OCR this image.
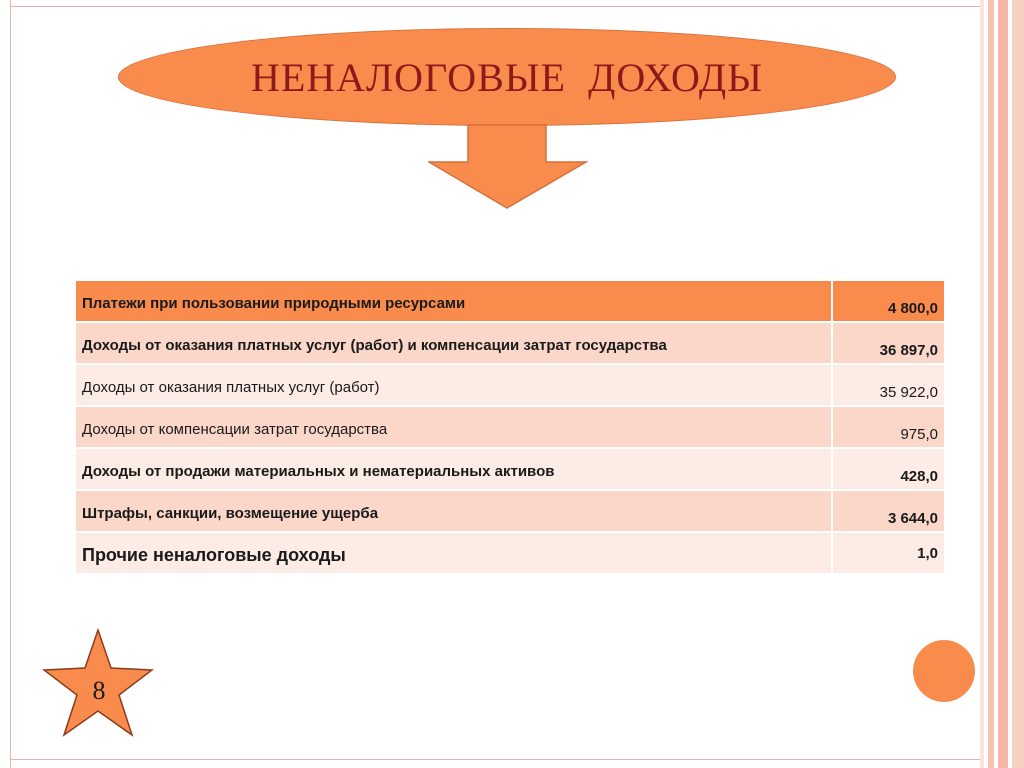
НЕНАЛОГОВЫЕ  ДОХОДЫ
Платежи при пользовании природными ресурсами	4 800,0
Доходы от оказания платных услуг (работ) и компенсации затрат государства	36 897,0
Доходы от оказания платных услуг (работ)	35 922,0
Доходы от компенсации затрат государства	975,0
Доходы от продажи материальных и нематериальных активов	428,0
Штрафы, санкции, возмещение ущерба	3 644,0
Прочие неналоговые доходы	1,0
8
